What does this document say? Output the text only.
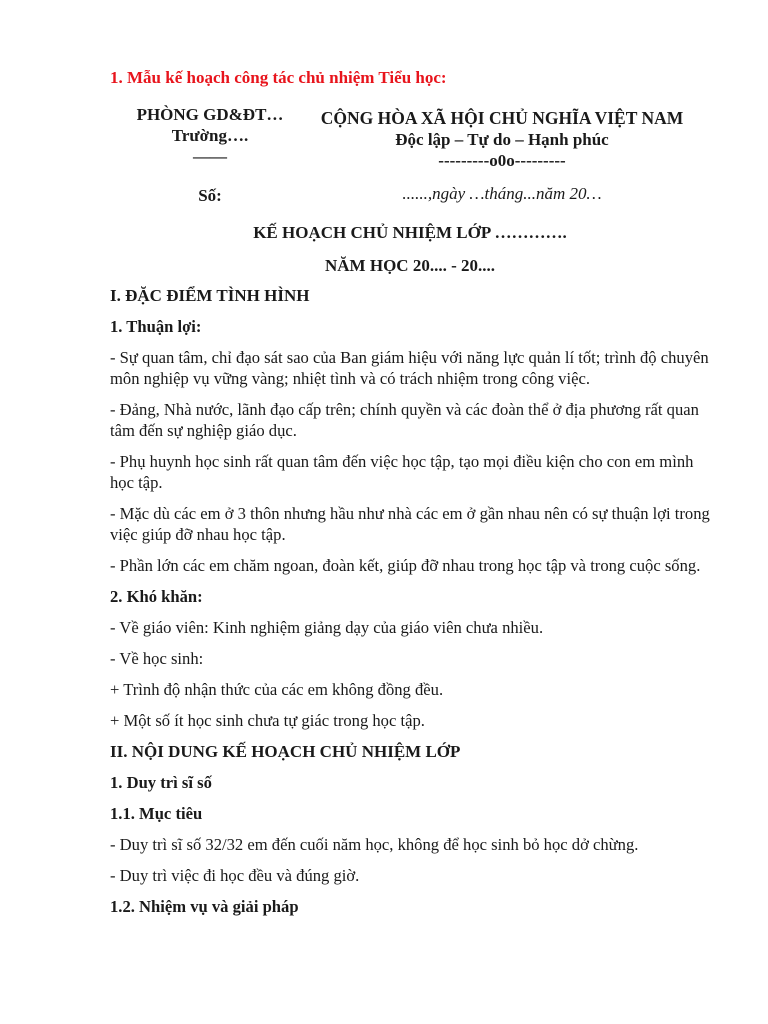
1. Mẫu kế hoạch công tác chủ nhiệm Tiểu học:

PHÒNG GD&ĐT…
Trường….
——
Số:
CỘNG HÒA XÃ HỘI CHỦ NGHĨA VIỆT NAM
Độc lập – Tự do – Hạnh phúc
---------o0o---------
......,ngày …tháng...năm 20…
KẾ HOẠCH CHỦ NHIỆM LỚP ………….
NĂM HỌC 20.... - 20....

I. ĐẶC ĐIỂM TÌNH HÌNH

1. Thuận lợi:

- Sự quan tâm, chỉ đạo sát sao của Ban giám hiệu với năng lực quản lí tốt; trình độ chuyên môn nghiệp vụ vững vàng; nhiệt tình và có trách nhiệm trong công việc.

- Đảng, Nhà nước, lãnh đạo cấp trên; chính quyền và các đoàn thể ở địa phương rất quan tâm đến sự nghiệp giáo dục.

- Phụ huynh học sinh rất quan tâm đến việc học tập, tạo mọi điều kiện cho con em mình học tập.

- Mặc dù các em ở 3 thôn nhưng hầu như nhà các em ở gần nhau nên có sự thuận lợi trong việc giúp đỡ nhau học tập.

- Phần lớn các em chăm ngoan, đoàn kết, giúp đỡ nhau trong học tập và trong cuộc sống.

2. Khó khăn:

- Về giáo viên: Kinh nghiệm giảng dạy của giáo viên chưa nhiều.

- Về học sinh:

+ Trình độ nhận thức của các em không đồng đều.

+ Một số ít học sinh chưa tự giác trong học tập.

II. NỘI DUNG KẾ HOẠCH CHỦ NHIỆM LỚP

1. Duy trì sĩ số

1.1. Mục tiêu

- Duy trì sĩ số 32/32 em đến cuối năm học, không để học sinh bỏ học dở chừng.

- Duy trì việc đi học đều và đúng giờ.

1.2. Nhiệm vụ và giải pháp
